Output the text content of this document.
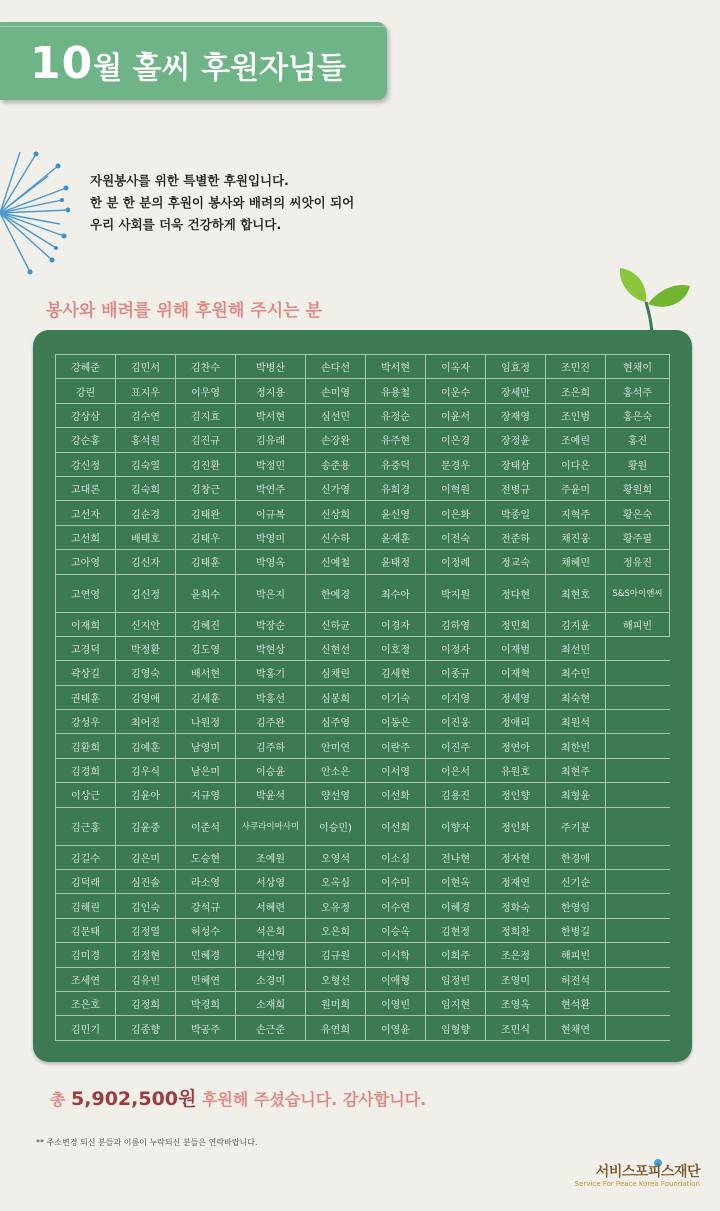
10월 홀씨 후원자님들
자원봉사를 위한 특별한 후원입니다.
한 분 한 분의 후원이 봉사와 배려의 씨앗이 되어
우리 사회를 더욱 건강하게 합니다.
봉사와 배려를 위해 후원해 주시는 분
강혜준	김민서	김찬수	박병산	손다선	박서현	이옥자	임효정	조민진	현채이
강린	표지우	이우영	정지용	손미영	유용철	이운수	장세만	조은희	홍석주
강상삼	김수연	김지효	박서현	심선민	유정순	이윤서	장재영	조인범	홍은숙
강순홍	홍석원	김진규	김유래	손장완	유주현	이은경	장정윤	조예린	홍진
강신정	김숙열	김진환	박정민	송준용	유중덕	문경우	장태삼	이다은	황원
고대론	김숙희	김창근	박연주	신가영	유희경	이혁원	전병규	주윤미	황원희
고선자	김순경	김태완	이규복	신상희	윤신영	이은화	박종일	지혁주	황은숙
고선희	배태호	김태우	박영미	신수하	윤재훈	이전숙	전준하	채진웅	황주필
고아영	김신자	김태훈	박영옥	신예철	윤태정	이정례	정교숙	채혜민	정유진
고연영	김신정	윤희수	박은지	한예경	최수아	박지원	정다현	최현호	S&S아이앤씨
이재희	신지안	김혜진	박장순	신하균	이경자	김하영	정민희	김지윤	해피빈
고경덕	박정환	김도영	박현상	신현선	이호정	이정자	이재범	최선민	
곽상길	김영숙	배서현	박홍기	심채린	김세현	이종규	이재혁	최수민	
권태훈	김영애	김세훈	박홍선	심봉희	이기숙	이지영	정세영	최숙현	
강성우	최어진	나원정	김주완	심주영	이동은	이진웅	정애리	최원석	
김환희	김예훈	남영미	김주하	안미연	이란주	이진주	정연아	최한빈	
김경희	김우식	남은미	이승윤	안소은	이서영	이은서	유원호	최현주	
이상근	김윤아	지규영	박윤석	양선영	이선화	김용진	정인향	최형윤	
김근홍	김윤중	이준석	사쿠라이마사미	이승민)	이선희	이향자	정인화	주기분	
김길수	김은미	도승현	조예원	오영석	이소심	전나현	정자현	한경애	
김덕래	심진솔	라소영	서상영	오옥심	이수미	이현옥	정재연	신기순	
김해린	김인숙	강석규	서혜련	오유정	이수연	이혜경	정화숙	한영임	
김문태	김정열	허성수	석은희	오은희	이승옥	김현정	정희찬	한병길	
김미경	김정현	민혜경	곽신영	김규원	이시학	이희주	조은정	해피빈	
조세연	김유빈	민혜연	소경미	오형선	이애형	임정빈	조영미	허전석	
조은호	김정희	박경희	소재희	원미희	이영빈	임지현	조영옥	현석환	
김민기	김종향	박공주	손근준	유연희	이영윤	임형향	조민식	현채연	
총 5,902,500원 후원해 주셨습니다. 감사합니다.
** 주소변경 되신 분들과 이름이 누락되신 분들은 연락바랍니다.
서비스포피스재단
Service For Peace Korea Foundation
